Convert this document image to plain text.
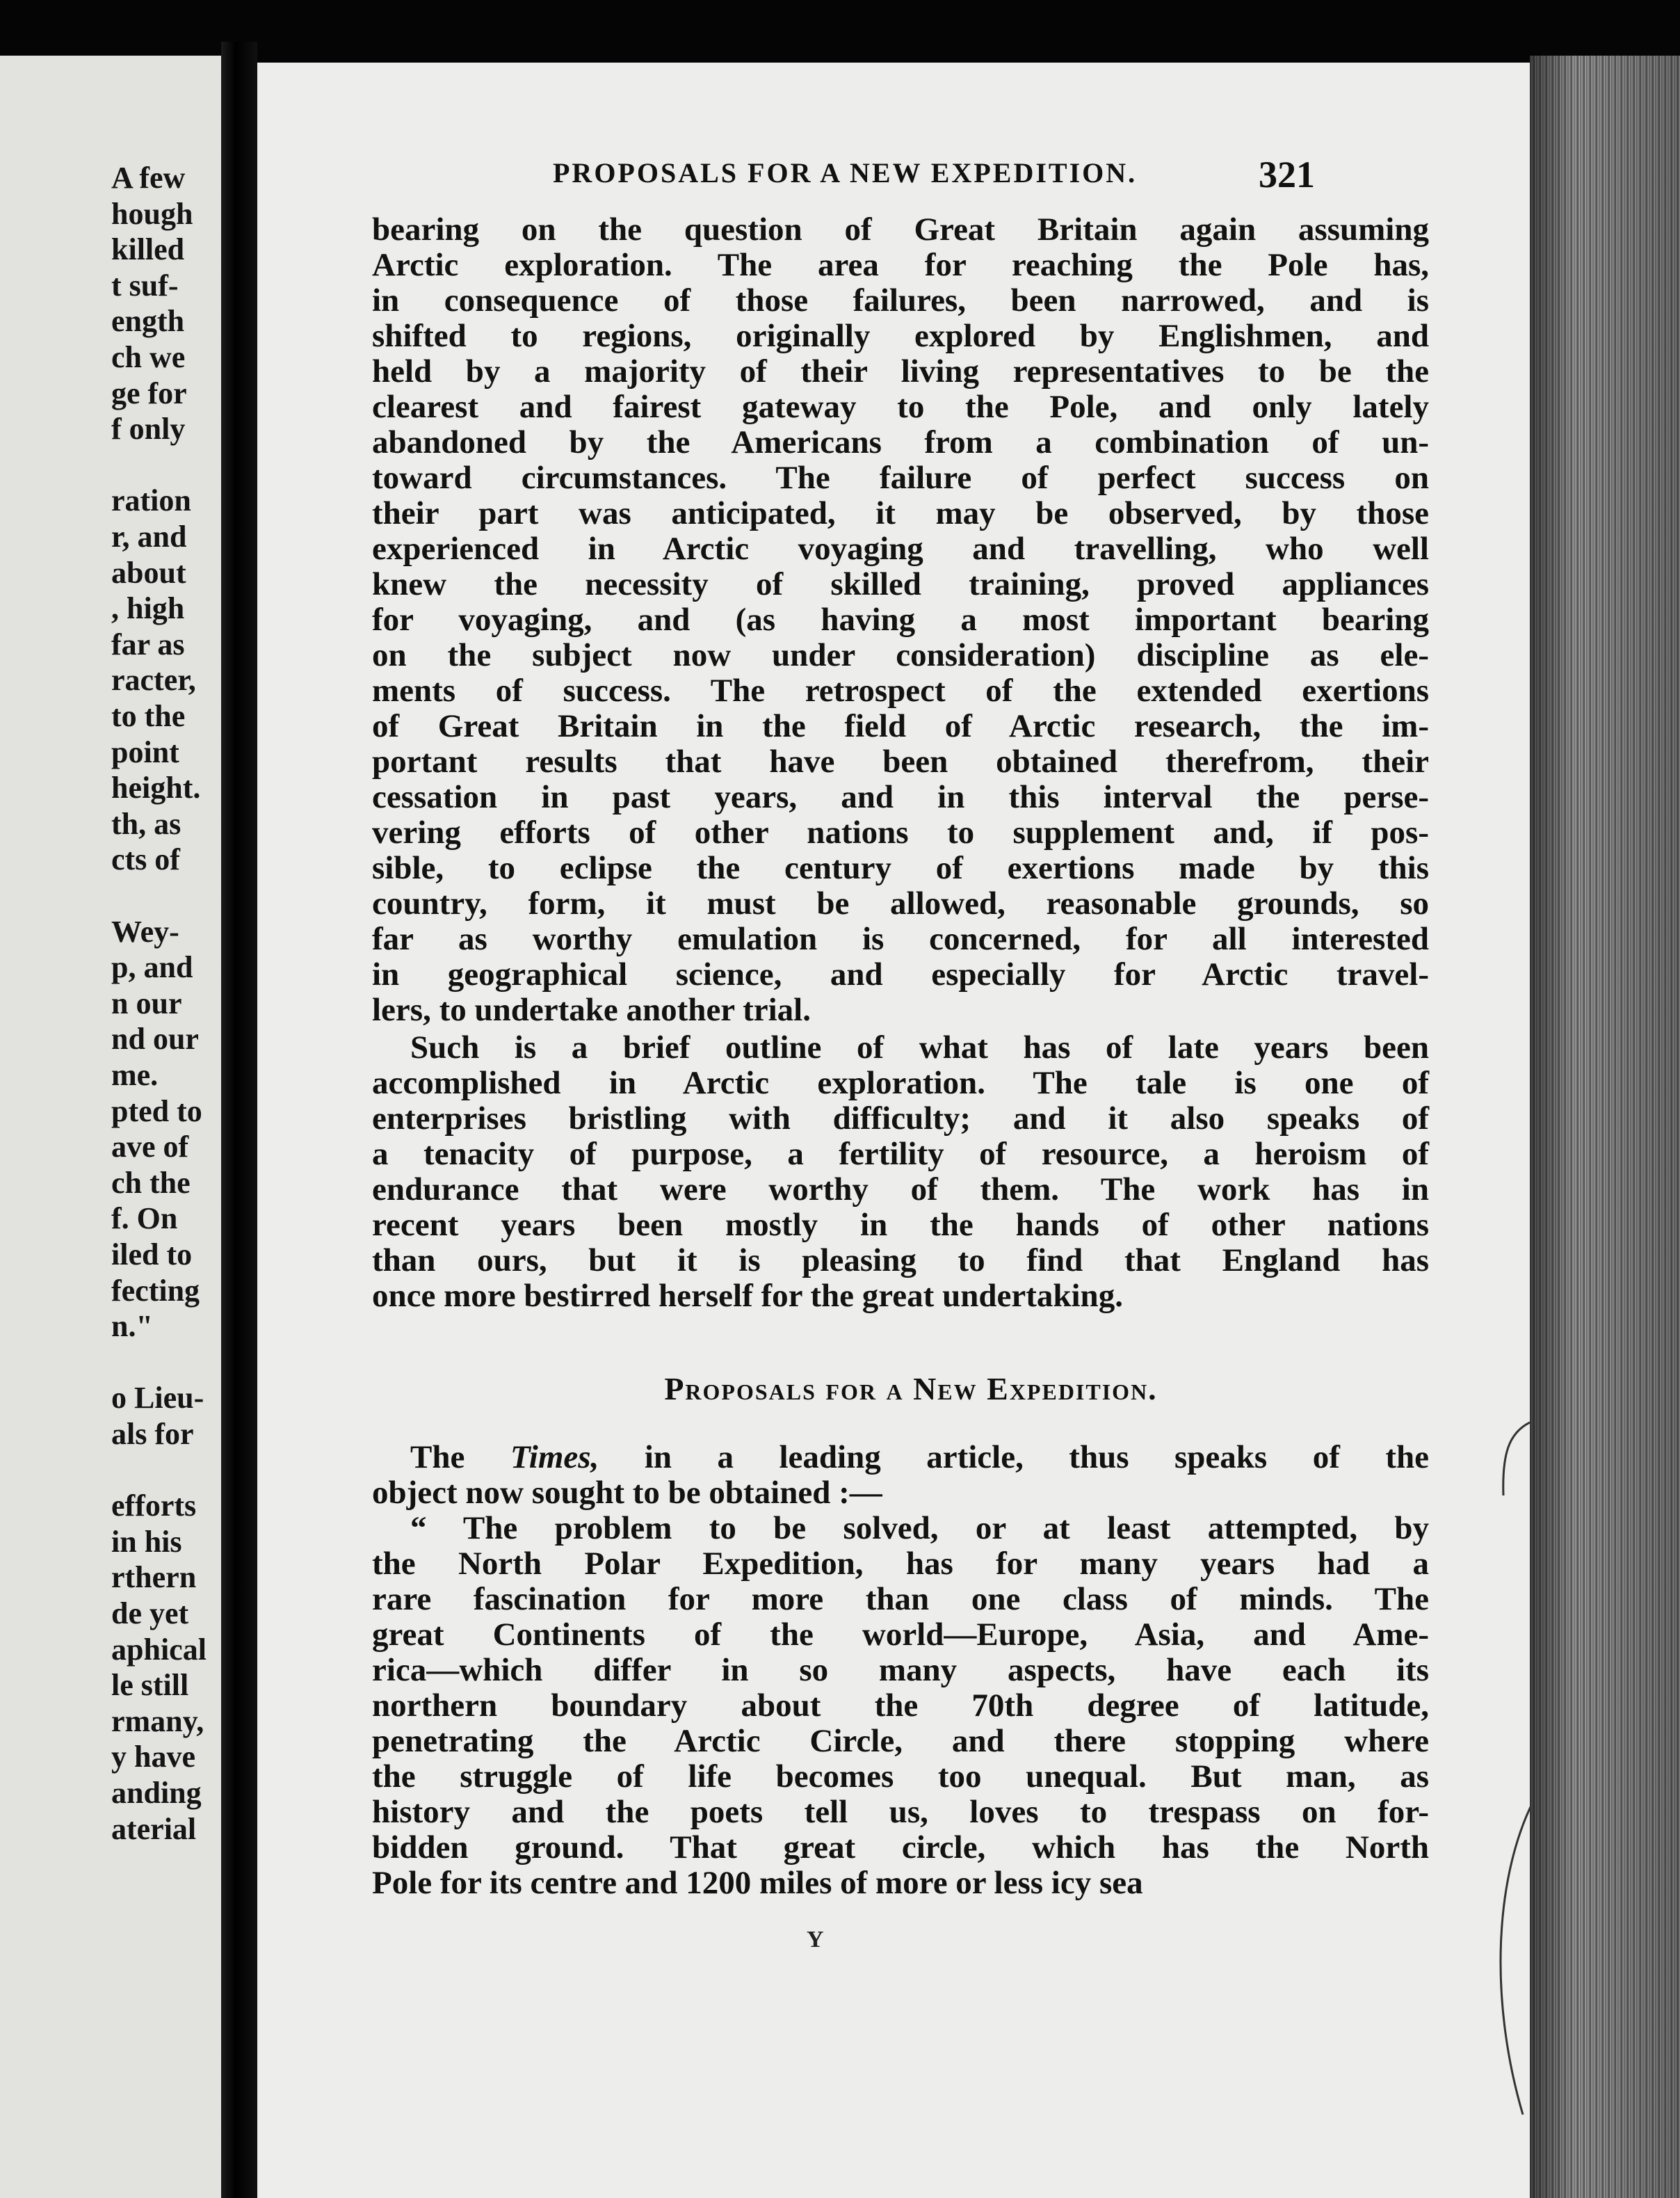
A few
hough
killed
t suf-
ength
ch we
ge for
f only
ration
r, and
about
, high
far as
racter,
to the
point
height.
th, as
cts of
Wey-
p, and
n our
nd our
me.
pted to
ave of
ch the
f. On
iled to
fecting
n."
o Lieu-
als for
efforts
in his
rthern
de yet
aphical
le still
rmany,
y have
anding
aterial
PROPOSALS FOR A NEW EXPEDITION.	321
bearing on the question of Great Britain again assuming
Arctic exploration. The area for reaching the Pole has,
in consequence of those failures, been narrowed, and is
shifted to regions, originally explored by Englishmen, and
held by a majority of their living representatives to be the
clearest and fairest gateway to the Pole, and only lately
abandoned by the Americans from a combination of un-
toward circumstances. The failure of perfect success on
their part was anticipated, it may be observed, by those
experienced in Arctic voyaging and travelling, who well
knew the necessity of skilled training, proved appliances
for voyaging, and (as having a most important bearing
on the subject now under consideration) discipline as ele-
ments of success. The retrospect of the extended exertions
of Great Britain in the field of Arctic research, the im-
portant results that have been obtained therefrom, their
cessation in past years, and in this interval the perse-
vering efforts of other nations to supplement and, if pos-
sible, to eclipse the century of exertions made by this
country, form, it must be allowed, reasonable grounds, so
far as worthy emulation is concerned, for all interested
in geographical science, and especially for Arctic travel-
lers, to undertake another trial.
Such is a brief outline of what has of late years been
accomplished in Arctic exploration. The tale is one of
enterprises bristling with difficulty; and it also speaks of
a tenacity of purpose, a fertility of resource, a heroism of
endurance that were worthy of them. The work has in
recent years been mostly in the hands of other nations
than ours, but it is pleasing to find that England has
once more bestirred herself for the great undertaking.
Proposals for a New Expedition.
The Times, in a leading article, thus speaks of the
object now sought to be obtained :—
“ The problem to be solved, or at least attempted, by
the North Polar Expedition, has for many years had a
rare fascination for more than one class of minds. The
great Continents of the world—Europe, Asia, and Ame-
rica—which differ in so many aspects, have each its
northern boundary about the 70th degree of latitude,
penetrating the Arctic Circle, and there stopping where
the struggle of life becomes too unequal. But man, as
history and the poets tell us, loves to trespass on for-
bidden ground. That great circle, which has the North
Pole for its centre and 1200 miles of more or less icy sea
Y
